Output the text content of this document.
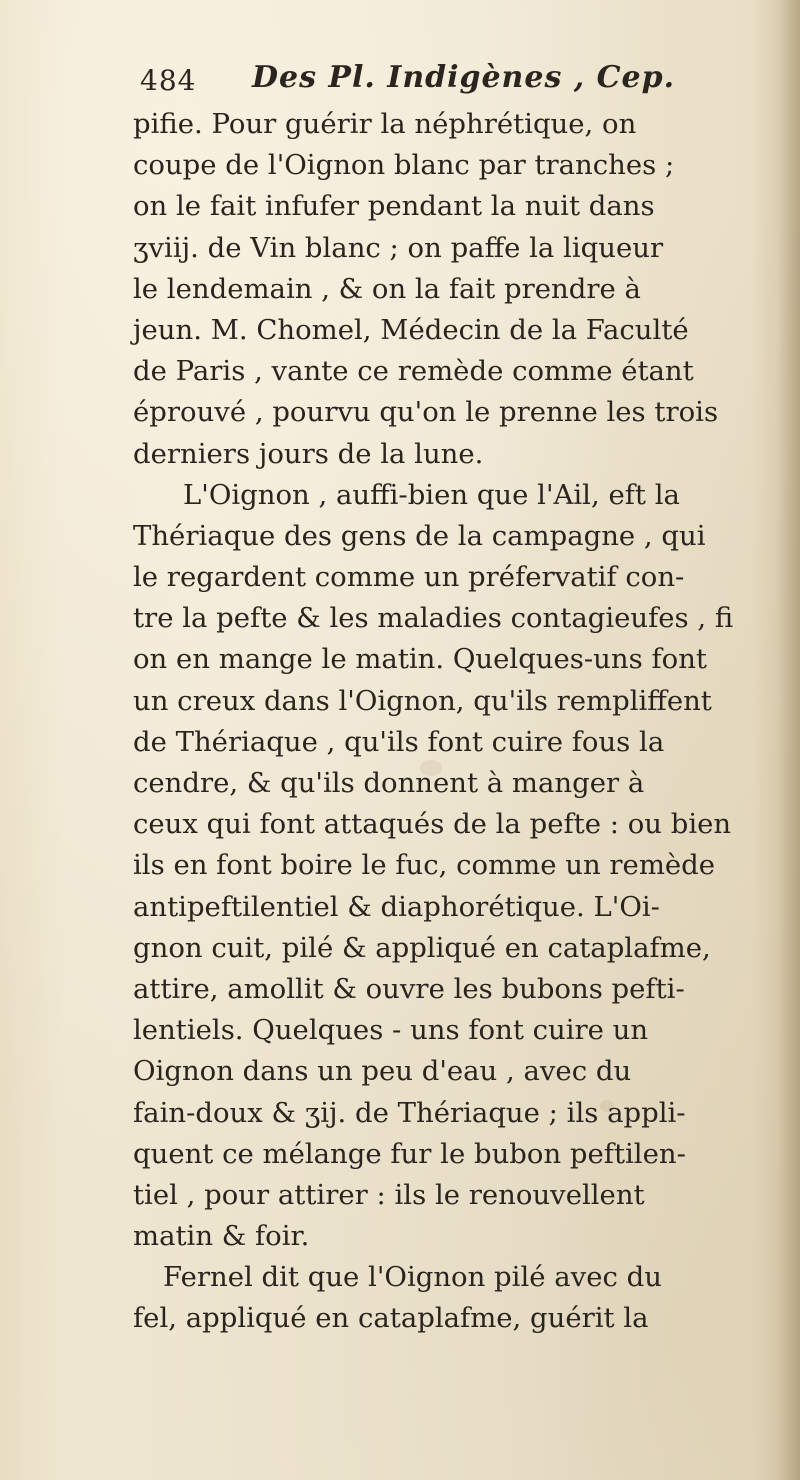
484 Des Pl. Indigènes , Cep.
pifie. Pour guérir la néphrétique, on
coupe de l'Oignon blanc par tranches ;
on le fait infufer pendant la nuit dans
ʒviij. de Vin blanc ; on paffe la liqueur
le lendemain , & on la fait prendre à
jeun. M. Chomel, Médecin de la Faculté
de Paris , vante ce remède comme étant
éprouvé , pourvu qu'on le prenne les trois
derniers jours de la lune.
L'Oignon , auffi-bien que l'Ail, eft la
Thériaque des gens de la campagne , qui
le regardent comme un préfervatif con-
tre la pefte & les maladies contagieufes , fi
on en mange le matin. Quelques-uns font
un creux dans l'Oignon, qu'ils rempliffent
de Thériaque , qu'ils font cuire fous la
cendre, & qu'ils donnent à manger à
ceux qui font attaqués de la pefte : ou bien
ils en font boire le fuc, comme un remède
antipeftilentiel & diaphorétique. L'Oi-
gnon cuit, pilé & appliqué en cataplafme,
attire, amollit & ouvre les bubons pefti-
lentiels. Quelques - uns font cuire un
Oignon dans un peu d'eau , avec du
fain-doux & ʒij. de Thériaque ; ils appli-
quent ce mélange fur le bubon peftilen-
tiel , pour attirer : ils le renouvellent
matin & foir.
Fernel dit que l'Oignon pilé avec du
fel, appliqué en cataplafme, guérit la
